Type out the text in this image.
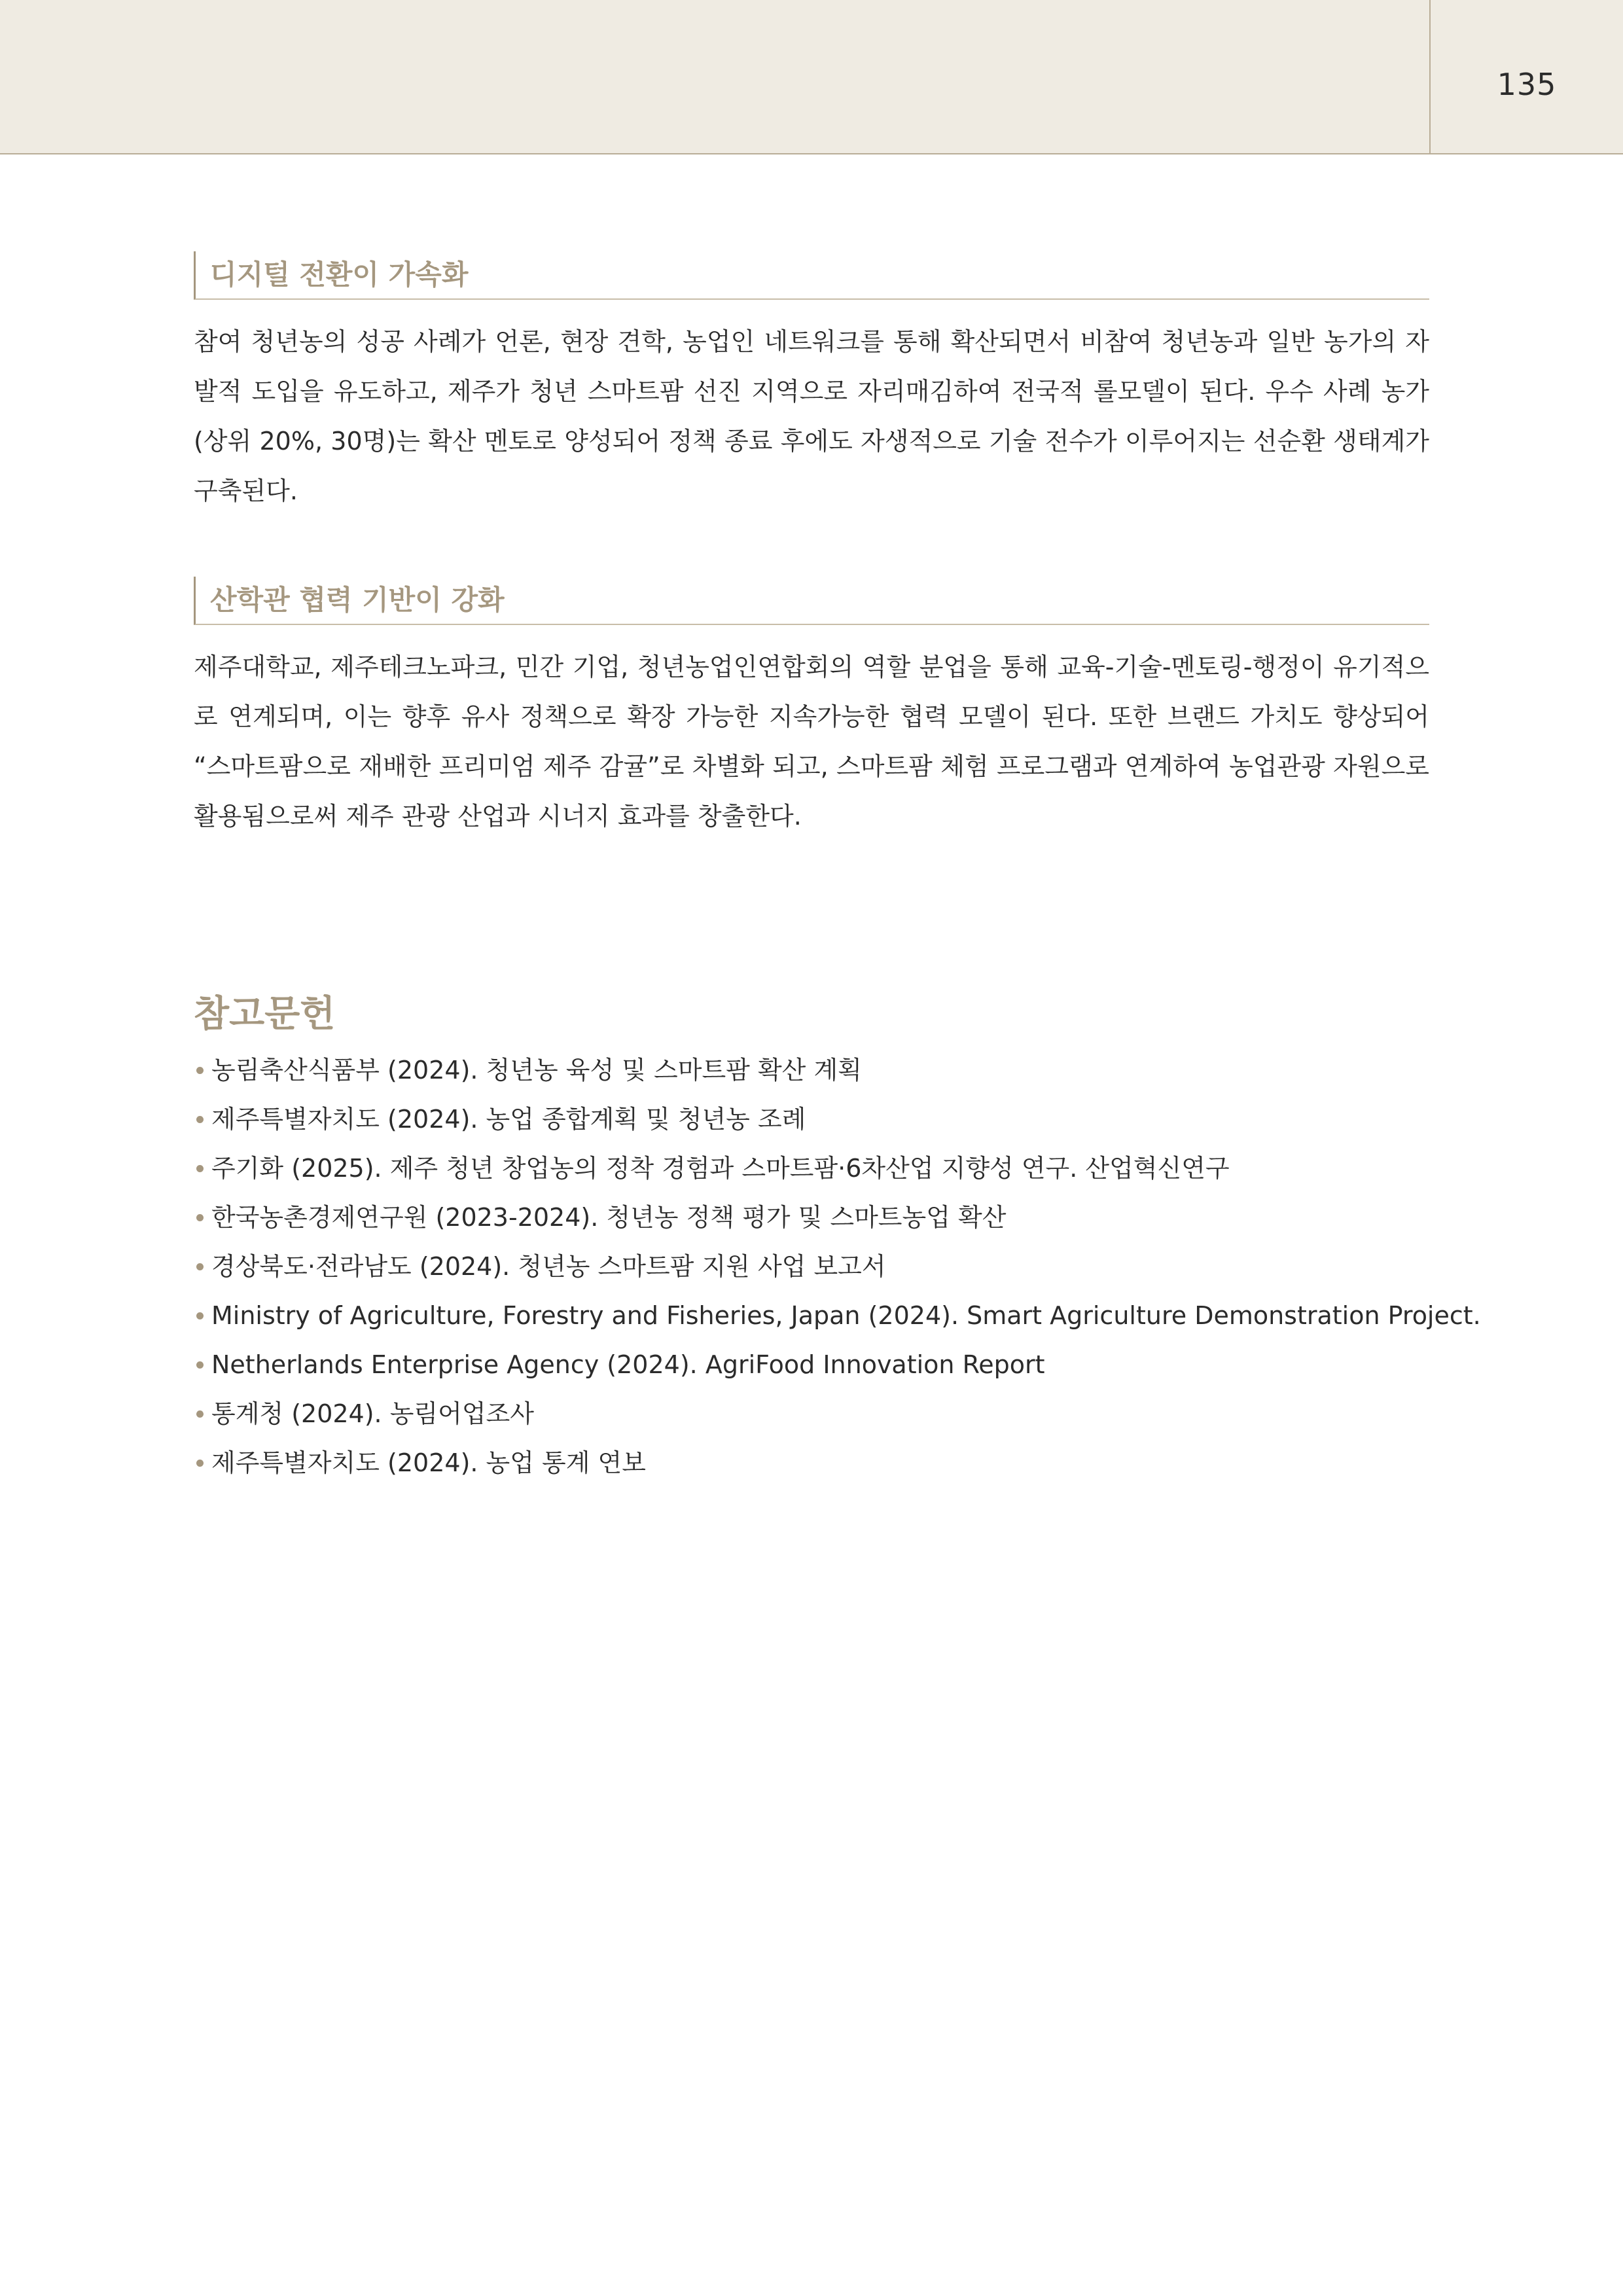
135
디지털 전환이 가속화

참여 청년농의 성공 사례가 언론, 현장 견학, 농업인 네트워크를 통해 확산되면서 비참여 청년농과 일반 농가의 자발적 도입을 유도하고, 제주가 청년 스마트팜 선진 지역으로 자리매김하여 전국적 롤모델이 된다. 우수 사례 농가(상위 20%, 30명)는 확산 멘토로 양성되어 정책 종료 후에도 자생적으로 기술 전수가 이루어지는 선순환 생태계가 구축된다.

산학관 협력 기반이 강화

제주대학교, 제주테크노파크, 민간 기업, 청년농업인연합회의 역할 분업을 통해 교육-기술-멘토링-행정이 유기적으로 연계되며, 이는 향후 유사 정책으로 확장 가능한 지속가능한 협력 모델이 된다. 또한 브랜드 가치도 향상되어 “스마트팜으로 재배한 프리미엄 제주 감귤”로 차별화 되고, 스마트팜 체험 프로그램과 연계하여 농업관광 자원으로 활용됨으로써 제주 관광 산업과 시너지 효과를 창출한다.

참고문헌
농림축산식품부 (2024). 청년농 육성 및 스마트팜 확산 계획
제주특별자치도 (2024). 농업 종합계획 및 청년농 조례
주기화 (2025). 제주 청년 창업농의 정착 경험과 스마트팜·6차산업 지향성 연구. 산업혁신연구
한국농촌경제연구원 (2023-2024). 청년농 정책 평가 및 스마트농업 확산
경상북도·전라남도 (2024). 청년농 스마트팜 지원 사업 보고서
Ministry of Agriculture, Forestry and Fisheries, Japan (2024). Smart Agriculture Demonstration Project.
Netherlands Enterprise Agency (2024). AgriFood Innovation Report
통계청 (2024). 농림어업조사
제주특별자치도 (2024). 농업 통계 연보
